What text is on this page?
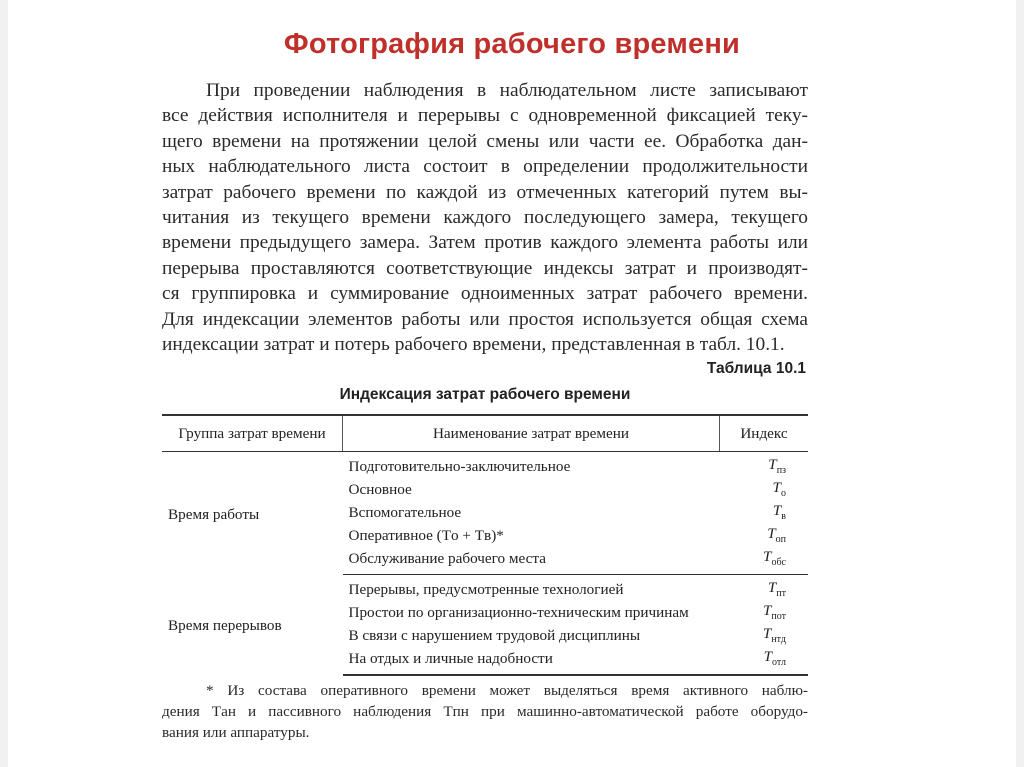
Фотография рабочего времени
При проведении наблюдения в наблюдательном листе записывают
все действия исполнителя и перерывы с одновременной фиксацией теку-
щего времени на протяжении целой смены или части ее. Обработка дан-
ных наблюдательного листа состоит в определении продолжительности
затрат рабочего времени по каждой из отмеченных категорий путем вы-
читания из текущего времени каждого последующего замера, текущего
времени предыдущего замера. Затем против каждого элемента работы или
перерыва проставляются соответствующие индексы затрат и производят-
ся группировка и суммирование одноименных затрат рабочего времени.
Для индексации элементов работы или простоя используется общая схема
индексации затрат и потерь рабочего времени, представленная в табл. 10.1.
Таблица 10.1
Индексация затрат рабочего времени
Группа затрат времени	Наименование затрат времени	Индекс
Время работы	Подготовительно-заключительное	$T_{пз}$
	Основное	$T_о$
	Вспомогательное	$T_в$
	Оперативное (Tо + Tв)*	$T_{оп}$
	Обслуживание рабочего места	$T_{обс}$
Время перерывов	Перерывы, предусмотренные технологией	$T_{пт}$
	Простои по организационно-техническим причинам	$T_{пот}$
	В связи с нарушением трудовой дисциплины	$T_{нтд}$
	На отдых и личные надобности	$T_{отл}$
* Из состава оперативного времени может выделяться время активного наблю-
дения Tан и пассивного наблюдения Tпн при машинно-автоматической работе оборудо-
вания или аппаратуры.
